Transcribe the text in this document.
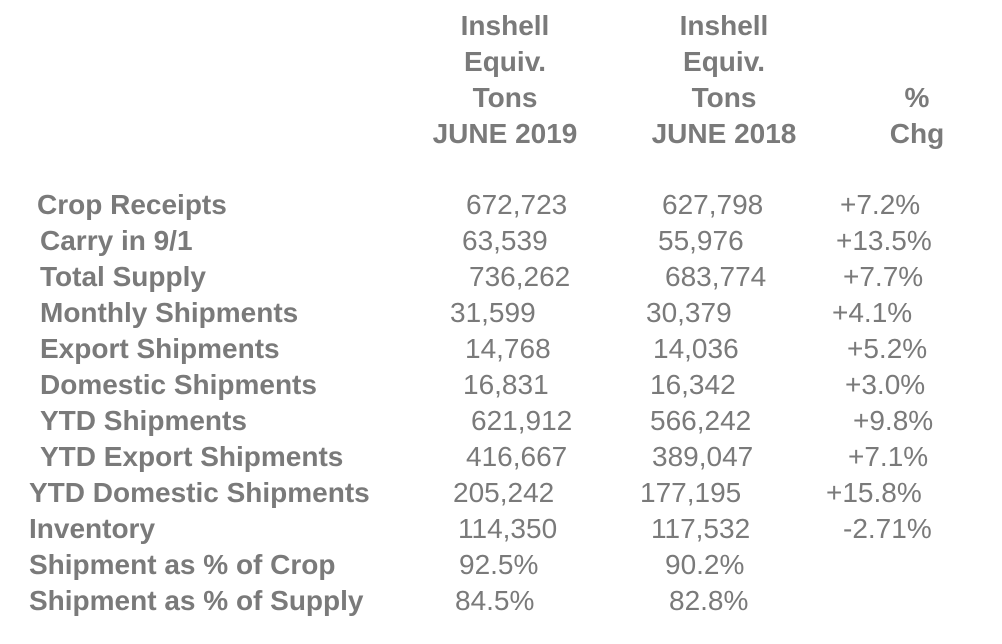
Inshell
Equiv.
Tons
JUNE 2019
Inshell
Equiv.
Tons
JUNE 2018
%
Chg
Crop Receipts	672,723	627,798	+7.2%
Carry in 9/1	63,539	55,976	+13.5%
Total Supply	736,262	683,774	+7.7%
Monthly Shipments	31,599	30,379	+4.1%
Export Shipments	14,768	14,036	+5.2%
Domestic Shipments	16,831	16,342	+3.0%
YTD Shipments	621,912	566,242	+9.8%
YTD Export Shipments	416,667	389,047	+7.1%
YTD Domestic Shipments	205,242	177,195	+15.8%
Inventory	114,350	117,532	-2.71%
Shipment as % of Crop	92.5%	90.2%
Shipment as % of Supply	84.5%	82.8%
